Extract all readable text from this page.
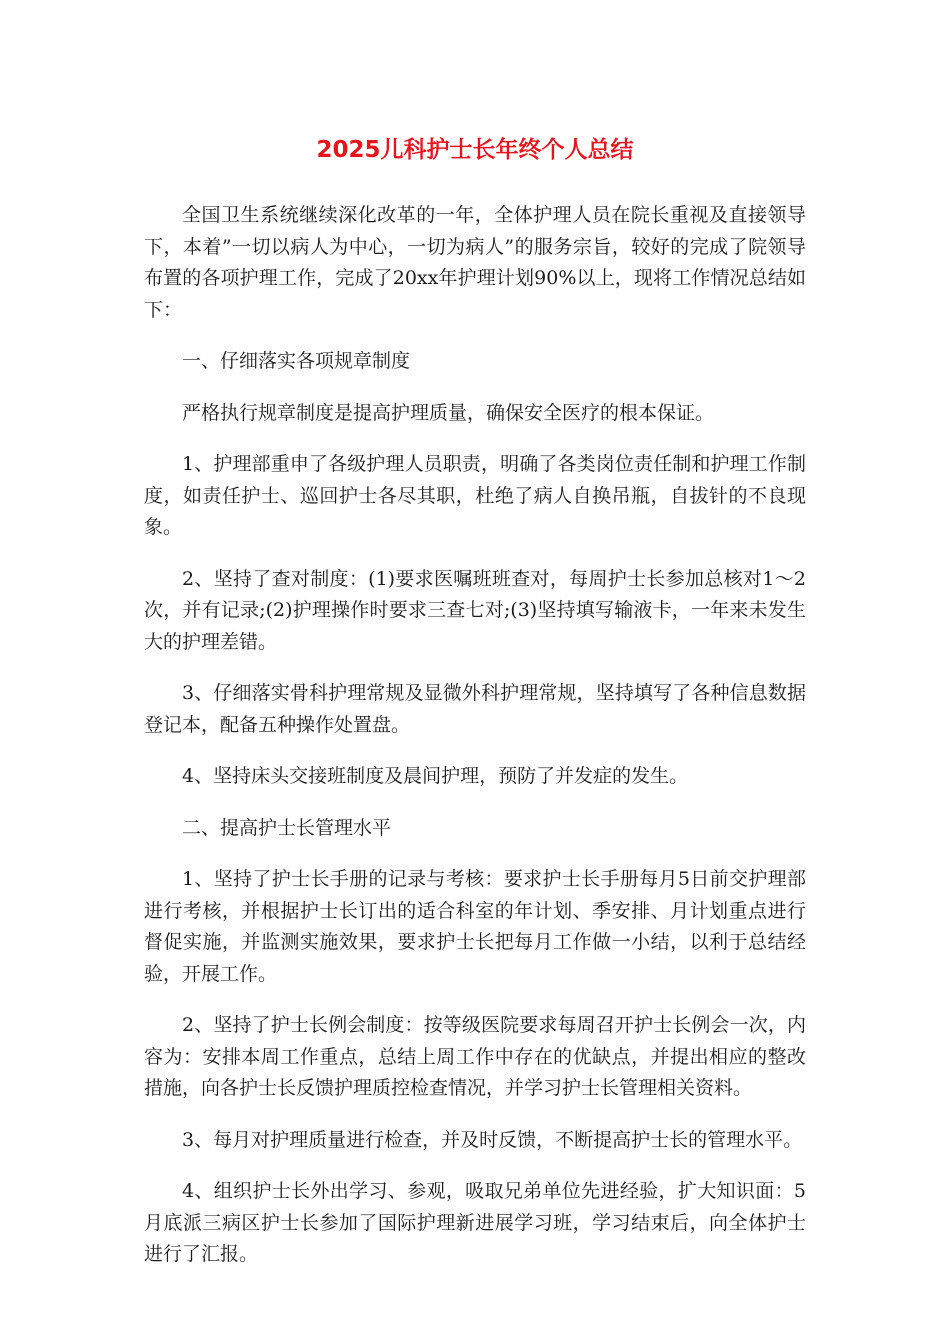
2025儿科护士长年终个人总结

全国卫生系统继续深化改革的一年，全体护理人员在院长重视及直接领导下，本着”一切以病人为中心，一切为病人”的服务宗旨，较好的完成了院领导布置的各项护理工作，完成了20xx年护理计划90%以上，现将工作情况总结如下：

一、仔细落实各项规章制度

严格执行规章制度是提高护理质量，确保安全医疗的根本保证。

1、护理部重申了各级护理人员职责，明确了各类岗位责任制和护理工作制度，如责任护士、巡回护士各尽其职，杜绝了病人自换吊瓶，自拔针的不良现象。

2、坚持了查对制度：(1)要求医嘱班班查对，每周护士长参加总核对1～2次，并有记录;(2)护理操作时要求三查七对;(3)坚持填写输液卡，一年来未发生大的护理差错。

3、仔细落实骨科护理常规及显微外科护理常规，坚持填写了各种信息数据登记本，配备五种操作处置盘。

4、坚持床头交接班制度及晨间护理，预防了并发症的发生。

二、提高护士长管理水平

1、坚持了护士长手册的记录与考核：要求护士长手册每月5日前交护理部进行考核，并根据护士长订出的适合科室的年计划、季安排、月计划重点进行督促实施，并监测实施效果，要求护士长把每月工作做一小结，以利于总结经验，开展工作。

2、坚持了护士长例会制度：按等级医院要求每周召开护士长例会一次，内容为：安排本周工作重点，总结上周工作中存在的优缺点，并提出相应的整改措施，向各护士长反馈护理质控检查情况，并学习护士长管理相关资料。

3、每月对护理质量进行检查，并及时反馈，不断提高护士长的管理水平。

4、组织护士长外出学习、参观，吸取兄弟单位先进经验，扩大知识面：5月底派三病区护士长参加了国际护理新进展学习班，学习结束后，向全体护士进行了汇报。
